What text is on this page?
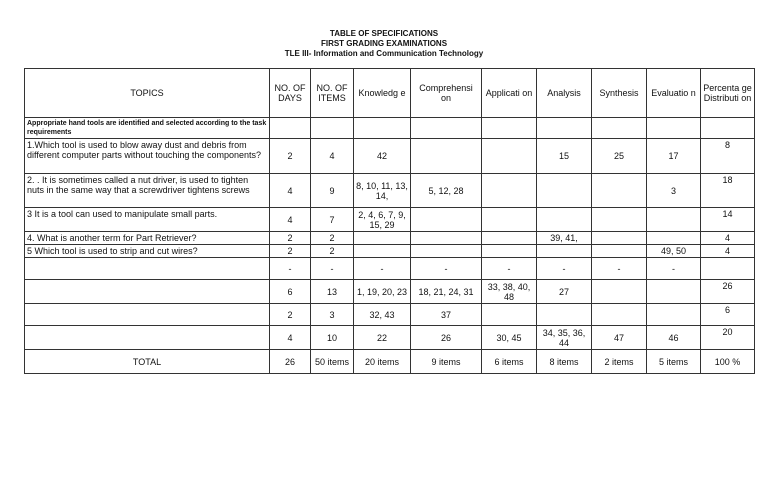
TABLE OF SPECIFICATIONS
FIRST GRADING EXAMINATIONS
TLE III- Information and Communication Technology
TOPICS	NO. OF DAYS	NO. OF ITEMS	Knowledg e	Comprehensi on	Applicati on	Analysis	Synthesis	Evaluatio n	Percenta ge Distributi on
Appropriate hand tools are identified and selected according to the task requirements									
1.Which tool is used to blow away dust and debris from different computer parts without touching the components?	2	4	42			15	25	17	8
2. . It is sometimes called a nut driver, is used to tighten nuts in the same way that a screwdriver tightens screws	4	9	8, 10, 11, 13, 14,	5, 12, 28				3	18
3 It is a tool can used to manipulate small parts.	4	7	2, 4, 6, 7, 9, 15, 29						14
4. What is another term for Part Retriever?	2	2				39, 41,			4
5 Which tool is used to strip and cut wires?	2	2						49, 50	4
	-	-	-	-	-	-	-	-	
	6	13	1, 19, 20, 23	18, 21, 24, 31	33, 38, 40, 48	27			26
	2	3	32, 43	37					6
	4	10	22	26	30, 45	34, 35, 36, 44	47	46	20
TOTAL	26	50 items	20 items	9 items	6 items	8 items	2 items	5 items	100 %
